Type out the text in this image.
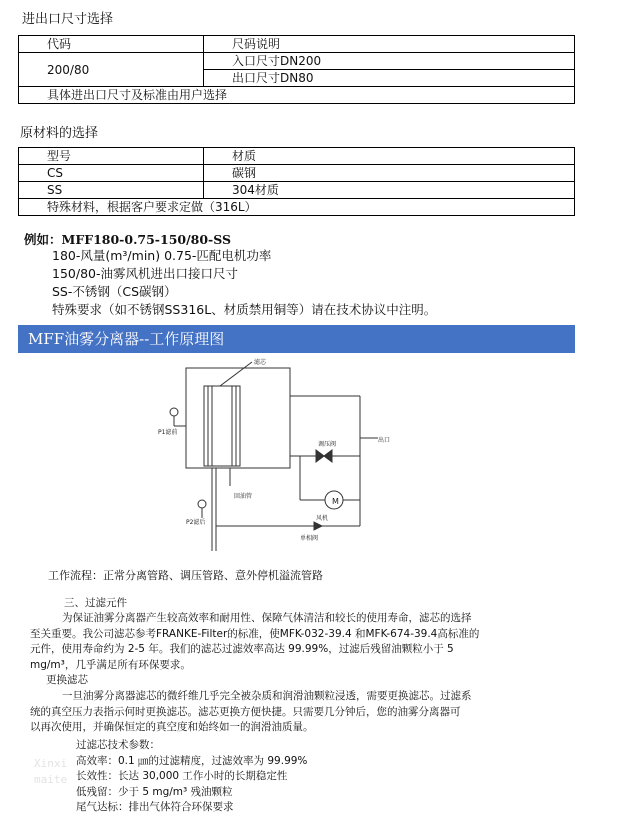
进出口尺寸选择
代码	尺码说明
200/80	入口尺寸DN200
	出口尺寸DN80
具体进出口尺寸及标准由用户选择	
原材料的选择
型号	材质
CS	碳钢
SS	304材质
特殊材料，根据客户要求定做（316L）	
例如：MFF180-0.75-150/80-SS
180-风量(m³/min) 0.75-匹配电机功率
150/80-油雾风机进出口接口尺寸
SS-不锈钢（CS碳钢）
特殊要求（如不锈钢SS316L、材质禁用铜等）请在技术协议中注明。
MFF油雾分离器--工作原理图
滤芯
P1滤前
出口
调压阀
M
风机
回油管
P2滤后
单相阀
工作流程：正常分离管路、调压管路、意外停机溢流管路
三、过滤元件
为保证油雾分离器产生较高效率和耐用性、保障气体清洁和较长的使用寿命，滤芯的选择
至关重要。我公司滤芯参考FRANKE-Filter的标准，使MFK-032-39.4 和MFK-674-39.4高标准的
元件，使用寿命约为 2-5 年。我们的滤芯过滤效率高达 99.99%，过滤后残留油颗粒小于 5
mg/m³，几乎满足所有环保要求。
更换滤芯
一旦油雾分离器滤芯的微纤维几乎完全被杂质和润滑油颗粒浸透，需要更换滤芯。过滤系
统的真空压力表指示何时更换滤芯。滤芯更换方便快捷。只需要几分钟后，您的油雾分离器可
以再次使用，并确保恒定的真空度和始终如一的润滑油质量。
过滤芯技术参数：
高效率：0.1 ㎛的过滤精度，过滤效率为 99.99%
长效性：长达 30,000 工作小时的长期稳定性
低残留：少于 5 mg/m³ 残油颗粒
尾气达标：排出气体符合环保要求
Xinxi
maite
